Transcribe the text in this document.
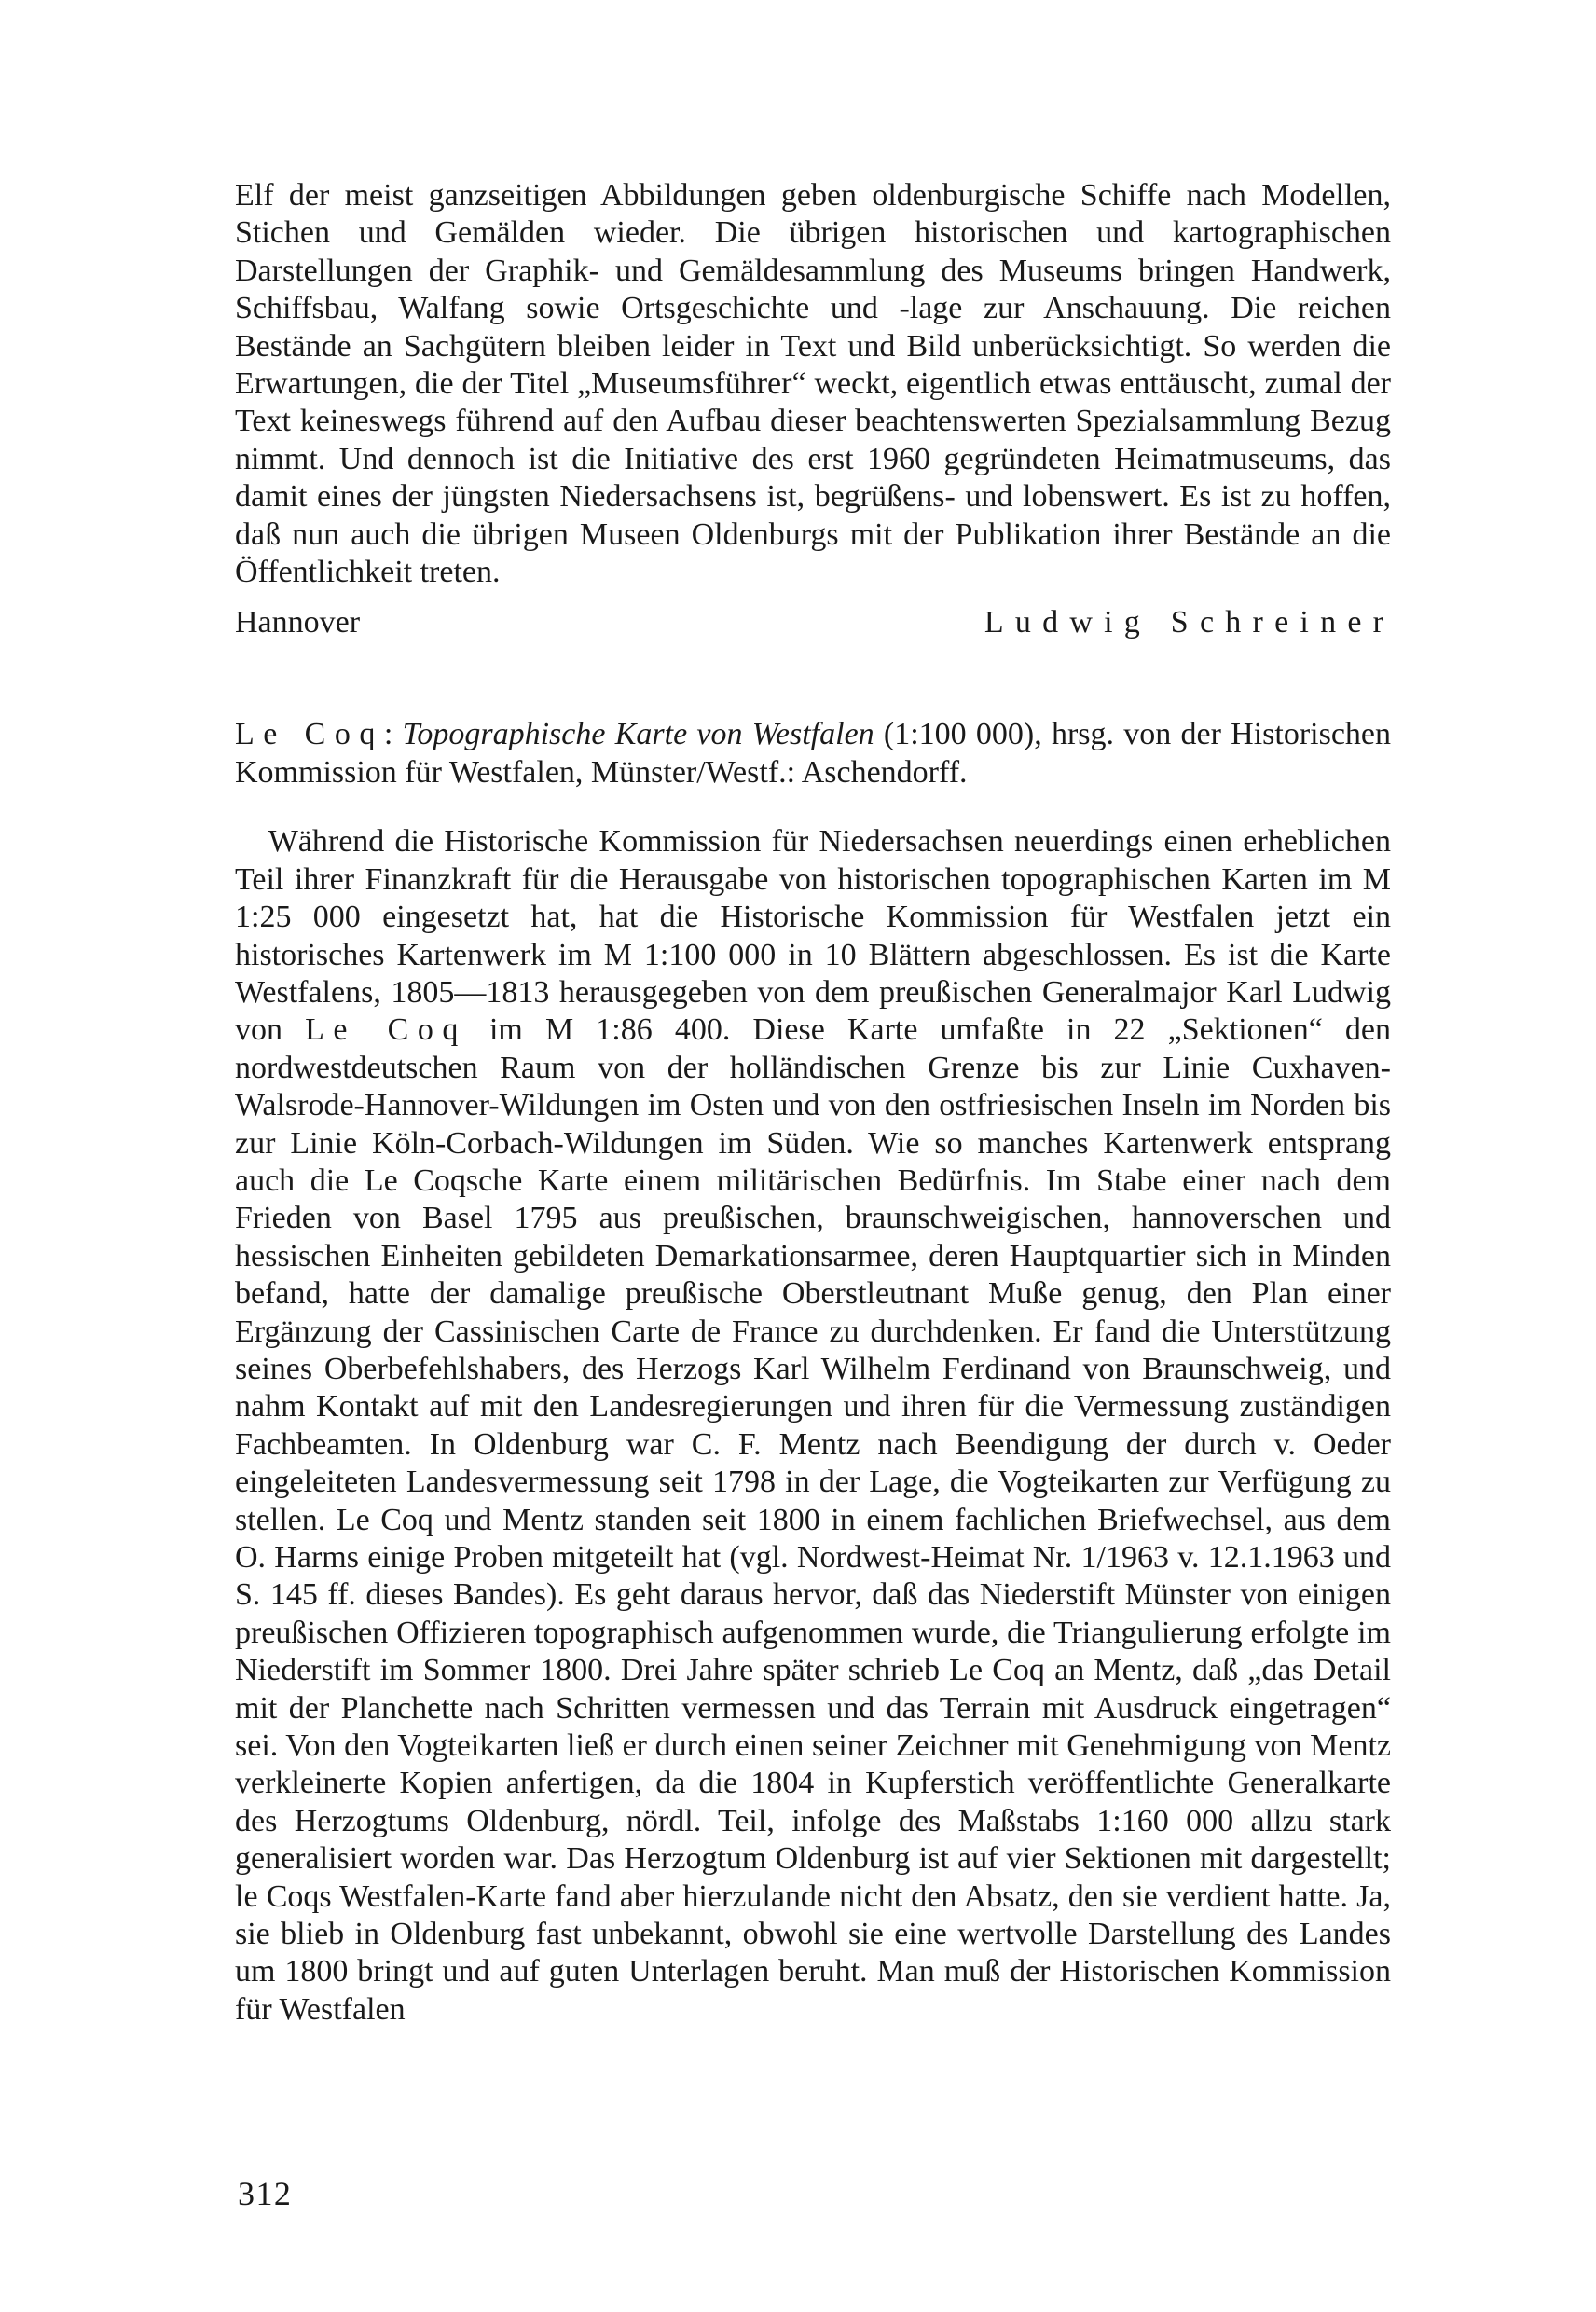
Elf der meist ganzseitigen Abbildungen geben oldenburgische Schiffe nach Modellen, Stichen und Gemälden wieder. Die übrigen historischen und kartographischen Darstellungen der Graphik- und Gemäldesammlung des Museums bringen Handwerk, Schiffsbau, Walfang sowie Ortsgeschichte und -lage zur Anschauung. Die reichen Bestände an Sachgütern bleiben leider in Text und Bild unberücksichtigt. So werden die Erwartungen, die der Titel „Museumsführer“ weckt, eigentlich etwas enttäuscht, zumal der Text keineswegs führend auf den Aufbau dieser beachtenswerten Spezialsammlung Bezug nimmt. Und dennoch ist die Initiative des erst 1960 gegründeten Heimatmuseums, das damit eines der jüngsten Niedersachsens ist, begrüßens- und lobenswert. Es ist zu hoffen, daß nun auch die übrigen Museen Oldenburgs mit der Publikation ihrer Bestände an die Öffentlichkeit treten.

Hannover	Ludwig Schreiner

Le Coq: Topographische Karte von Westfalen (1:100 000), hrsg. von der Historischen Kommission für Westfalen, Münster/Westf.: Aschendorff.

Während die Historische Kommission für Niedersachsen neuerdings einen erheblichen Teil ihrer Finanzkraft für die Herausgabe von historischen topographischen Karten im M 1:25 000 eingesetzt hat, hat die Historische Kommission für Westfalen jetzt ein historisches Kartenwerk im M 1:100 000 in 10 Blättern abgeschlossen. Es ist die Karte Westfalens, 1805—1813 herausgegeben von dem preußischen Generalmajor Karl Ludwig von Le Coq im M 1:86 400. Diese Karte umfaßte in 22 „Sektionen“ den nordwestdeutschen Raum von der holländischen Grenze bis zur Linie Cuxhaven-Walsrode-Hannover-Wildungen im Osten und von den ostfriesischen Inseln im Norden bis zur Linie Köln-Corbach-Wildungen im Süden. Wie so manches Kartenwerk entsprang auch die Le Coqsche Karte einem militärischen Bedürfnis. Im Stabe einer nach dem Frieden von Basel 1795 aus preußischen, braunschweigischen, hannoverschen und hessischen Einheiten gebildeten Demarkationsarmee, deren Hauptquartier sich in Minden befand, hatte der damalige preußische Oberstleutnant Muße genug, den Plan einer Ergänzung der Cassinischen Carte de France zu durchdenken. Er fand die Unterstützung seines Oberbefehlshabers, des Herzogs Karl Wilhelm Ferdinand von Braunschweig, und nahm Kontakt auf mit den Landesregierungen und ihren für die Vermessung zuständigen Fachbeamten. In Oldenburg war C. F. Mentz nach Beendigung der durch v. Oeder eingeleiteten Landesvermessung seit 1798 in der Lage, die Vogteikarten zur Verfügung zu stellen. Le Coq und Mentz standen seit 1800 in einem fachlichen Briefwechsel, aus dem O. Harms einige Proben mitgeteilt hat (vgl. Nordwest-Heimat Nr. 1/1963 v. 12.1.1963 und S. 145 ff. dieses Bandes). Es geht daraus hervor, daß das Niederstift Münster von einigen preußischen Offizieren topographisch aufgenommen wurde, die Triangulierung erfolgte im Niederstift im Sommer 1800. Drei Jahre später schrieb Le Coq an Mentz, daß „das Detail mit der Planchette nach Schritten vermessen und das Terrain mit Ausdruck eingetragen“ sei. Von den Vogteikarten ließ er durch einen seiner Zeichner mit Genehmigung von Mentz verkleinerte Kopien anfertigen, da die 1804 in Kupferstich veröffentlichte Generalkarte des Herzogtums Oldenburg, nördl. Teil, infolge des Maßstabs 1:160 000 allzu stark generalisiert worden war. Das Herzogtum Oldenburg ist auf vier Sektionen mit dargestellt; le Coqs Westfalen-Karte fand aber hierzulande nicht den Absatz, den sie verdient hatte. Ja, sie blieb in Oldenburg fast unbekannt, obwohl sie eine wertvolle Darstellung des Landes um 1800 bringt und auf guten Unterlagen beruht. Man muß der Historischen Kommission für Westfalen

312
